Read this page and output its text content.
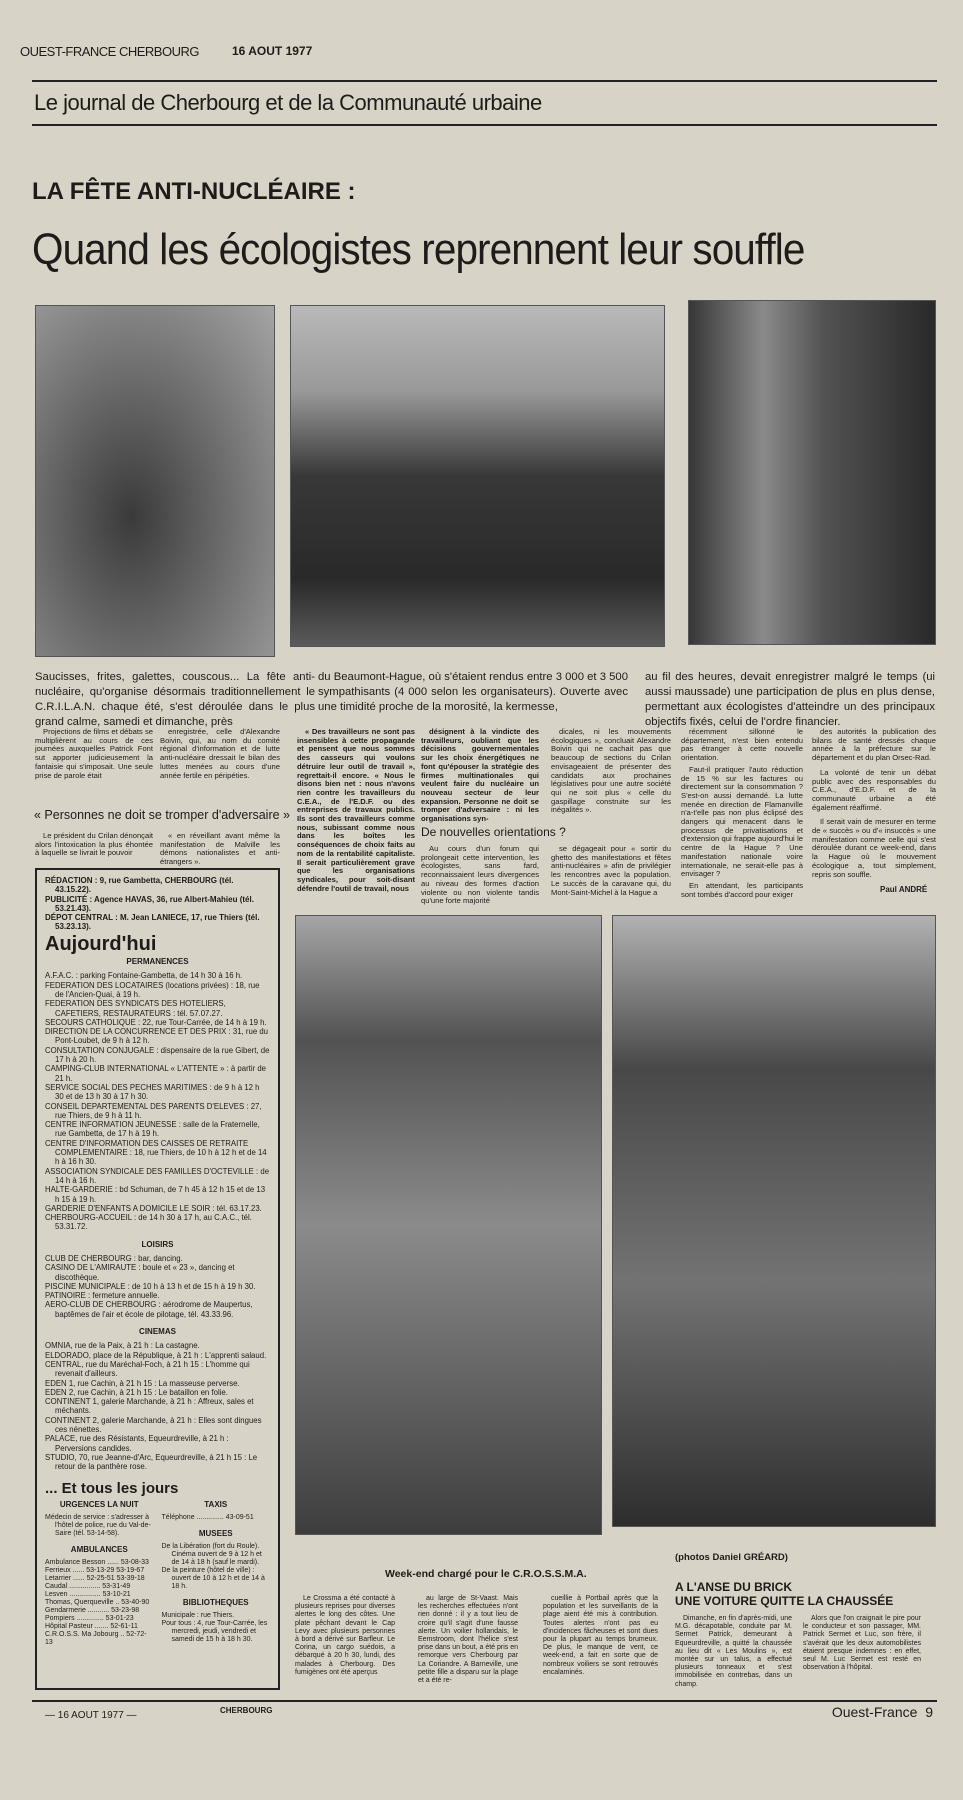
OUEST-FRANCE CHERBOURG	16 AOUT 1977
Le journal de Cherbourg et de la Communauté urbaine
LA FÊTE ANTI-NUCLÉAIRE :
Quand les écologistes reprennent leur souffle
Saucisses, frites, galettes, couscous... La fête anti-nucléaire, qu'organise désormais traditionnellement le C.R.I.L.A.N. chaque été, s'est déroulée dans le plus grand calme, samedi et dimanche, près
du Beaumont-Hague, où s'étaient rendus entre 3 000 et 3 500 sympathisants (4 000 selon les organisateurs). Ouverte avec une timidité proche de la morosité, la kermesse,
au fil des heures, devait enregistrer malgré le temps (ui aussi maussade) une participation de plus en plus dense, permettant aux écologistes d'atteindre un des principaux objectifs fixés, celui de l'ordre financier.

Projections de films et débats se multiplièrent au cours de ces journées auxquelles Patrick Font sut apporter judicieusement la fantaisie qui s'imposait. Une seule prise de parole était

enregistrée, celle d'Alexandre Boivin, qui, au nom du comité régional d'information et de lutte anti-nucléaire dressait le bilan des luttes menées au cours d'une année fertile en péripéties.

« Personnes ne doit se tromper d'adversaire »

Le président du Crilan dénonçait alors l'intoxication la plus éhontée à laquelle se livrait le pouvoir

« en réveillant avant même la manifestation de Malville les démons nationalistes et anti-étrangers ».

« Des travailleurs ne sont pas insensibles à cette propagande et pensent que nous sommes des casseurs qui voulons détruire leur outil de travail », regrettait-il encore. « Nous le disons bien net : nous n'avons rien contre les travailleurs du C.E.A., de l'E.D.F. ou des entreprises de travaux publics. Ils sont des travailleurs comme nous, subissant comme nous dans les boîtes les conséquences de choix faits au nom de la rentabilité capitaliste. Il serait particulièrement grave que les organisations syndicales, pour soit-disant défendre l'outil de travail, nous

désignent à la vindicte des travailleurs, oubliant que les décisions gouvernementales sur les choix énergétiques ne font qu'épouser la stratégie des firmes multinationales qui veulent faire du nucléaire un nouveau secteur de leur expansion. Personne ne doit se tromper d'adversaire : ni les organisations syn-

De nouvelles orientations ?

Au cours d'un forum qui prolongeait cette intervention, les écologistes, sans fard, reconnaissaient leurs divergences au niveau des formes d'action violente ou non violente tandis qu'une forte majorité

dicales, ni les mouvements écologiques », concluait Alexandre Boivin qui ne cachait pas que beaucoup de sections du Crilan envisageaient de présenter des candidats aux prochaines législatives pour une autre société qui ne soit plus « celle du gaspillage construite sur les inégalités ».

se dégageait pour « sortir du ghetto des manifestations et fêtes anti-nucléaires » afin de privilégier les rencontres avec la population. Le succès de la caravane qui, du Mont-Saint-Michel à la Hague a

récemment sillonné le département, n'est bien entendu pas étranger à cette nouvelle orientation.

Faut-il pratiquer l'auto réduction de 15 % sur les factures ou directement sur la consommation ? S'est-on aussi demandé. La lutte menée en direction de Flamanville n'a-t'elle pas non plus éclipsé des dangers qui menacent dans le processus de privatisations et d'extension qui frappe aujourd'hui le centre de la Hague ? Une manifestation nationale voire internationale, ne serait-elle pas à envisager ?

En attendant, les participants sont tombés d'accord pour exiger

des autorités la publication des bilans de santé dressés chaque année à la préfecture sur le département et du plan Orsec-Rad.

La volonté de tenir un débat public avec des responsables du C.E.A., d'E.D.F. et de la communauté urbaine a été également réaffirmé.

Il serait vain de mesurer en terme de « succès » ou d'« insuccès » une manifestation comme celle qui s'est déroulée durant ce week-end, dans la Hague où le mouvement écologique a, tout simplement, repris son souffle.

Paul ANDRÉ

RÉDACTION : 9, rue Gambetta, CHERBOURG (tél. 43.15.22).

PUBLICITÉ : Agence HAVAS, 36, rue Albert-Mahieu (tél. 53.21.43).

DÉPOT CENTRAL : M. Jean LANIECE, 17, rue Thiers (tél. 53.23.13).

Aujourd'hui
PERMANENCES

A.F.A.C. : parking Fontaine-Gambetta, de 14 h 30 à 16 h.

FEDERATION DES LOCATAIRES (locations privées) : 18, rue de l'Ancien-Quai, à 19 h.

FEDERATION DES SYNDICATS DES HOTELIERS, CAFETIERS, RESTAURATEURS : tél. 57.07.27.

SECOURS CATHOLIQUE : 22, rue Tour-Carrée, de 14 h à 19 h.

DIRECTION DE LA CONCURRENCE ET DES PRIX : 31, rue du Pont-Loubet, de 9 h à 12 h.

CONSULTATION CONJUGALE : dispensaire de la rue Gibert, de 17 h à 20 h.

CAMPING-CLUB INTERNATIONAL « L'ATTENTE » : à partir de 21 h.

SERVICE SOCIAL DES PECHES MARITIMES : de 9 h à 12 h 30 et de 13 h 30 à 17 h 30.

CONSEIL DEPARTEMENTAL DES PARENTS D'ELEVES : 27, rue Thiers, de 9 h à 11 h.

CENTRE INFORMATION JEUNESSE : salle de la Fraternelle, rue Gambetta, de 17 h à 19 h.

CENTRE D'INFORMATION DES CAISSES DE RETRAITE COMPLEMENTAIRE : 18, rue Thiers, de 10 h à 12 h et de 14 h à 16 h 30.

ASSOCIATION SYNDICALE DES FAMILLES D'OCTEVILLE : de 14 h à 16 h.

HALTE-GARDERIE : bd Schuman, de 7 h 45 à 12 h 15 et de 13 h 15 à 19 h.

GARDERIE D'ENFANTS A DOMICILE LE SOIR : tél. 63.17.23.

CHERBOURG-ACCUEIL : de 14 h 30 à 17 h, au C.A.C., tél. 53.31.72.

LOISIRS

CLUB DE CHERBOURG : bar, dancing.

CASINO DE L'AMIRAUTE : boule et « 23 », dancing et discothèque.

PISCINE MUNICIPALE : de 10 h à 13 h et de 15 h à 19 h 30.

PATINOIRE : fermeture annuelle.

AERO-CLUB DE CHERBOURG : aérodrome de Maupertus, baptêmes de l'air et école de pilotage, tél. 43.33.96.

CINEMAS

OMNIA, rue de la Paix, à 21 h : La castagne.

ELDORADO, place de la République, à 21 h : L'apprenti salaud.

CENTRAL, rue du Maréchal-Foch, à 21 h 15 : L'homme qui revenait d'ailleurs.

EDEN 1, rue Cachin, à 21 h 15 : La masseuse perverse.

EDEN 2, rue Cachin, à 21 h 15 : Le bataillon en folie.

CONTINENT 1, galerie Marchande, à 21 h : Affreux, sales et méchants.

CONTINENT 2, galerie Marchande, à 21 h : Elles sont dingues ces nénettes.

PALACE, rue des Résistants, Equeurdreville, à 21 h : Perversions candides.

STUDIO, 70, rue Jeanne-d'Arc, Equeurdreville, à 21 h 15 : Le retour de la panthère rose.

... Et tous les jours
URGENCES LA NUIT

Médecin de service : s'adresser à l'hôtel de police, rue du Val-de-Saire (tél. 53-14-58).

AMBULANCES
Ambulance Besson ...... 53-08-33
Ferrieux ...... 53-13-29 53-19-67
Letarrier ...... 52-25-51 53-39-18
Caudal ................ 53-31-49
Lesven ................ 53-10-21
Thomas, Querqueville .. 53-40-90
Gendarmerie ........... 53-23-98
Pompiers .............. 53-01-23
Hôpital Pasteur ....... 52-61-11
C.R.O.S.S. Ma Jobourg .. 52-72-13
TAXIS

Téléphone .............. 43-09-51

MUSEES

De la Libération (fort du Roule). Cinéma ouvert de 9 à 12 h et de 14 à 18 h (sauf le mardi).

De la peinture (hôtel de ville) : ouvert de 10 à 12 h et de 14 à 18 h.

BIBLIOTHEQUES

Municipale : rue Thiers.

Pour tous : 4, rue Tour-Carrée, les mercredi, jeudi, vendredi et samedi de 15 h à 18 h 30.

(photos Daniel GRÉARD)
Week-end chargé pour le C.R.O.S.S.M.A.

Le Crossma a été contacté à plusieurs reprises pour diverses alertes le long des côtes. Une plate pêchant devant le Cap Levy avec plusieurs personnes à bord a dérivé sur Barfleur. Le Corina, un cargo suédois, a débarqué à 20 h 30, lundi, des malades à Cherbourg. Des fumigènes ont été aperçus

au large de St-Vaast. Mais les recherches effectuées n'ont rien donné : il y a tout lieu de croire qu'il s'agit d'une fausse alerte. Un voilier hollandais, le Eemstroom, dont l'hélice s'est prise dans un bout, a été pris en remorque vers Cherbourg par La Coriandre. A Barneville, une petite fille a disparu sur la plage et a été re-

cueillie à Portbail après que la population et les surveillants de la plage aient été mis à contribution. Toutes alertes n'ont pas eu d'incidences fâcheuses et sont dues pour la plupart au temps brumeux. De plus, le manque de vent, ce week-end, a fait en sorte que de nombreux voiliers se sont retrouvés encalaminés.

A L'ANSE DU BRICK
UNE VOITURE QUITTE LA CHAUSSÉE

Dimanche, en fin d'après-midi, une M.G. décapotable, conduite par M. Sermet Patrick, demeurant à Equeurdreville, a quitté la chaussée au lieu dit « Les Moulins », est montée sur un talus, a effectué plusieurs tonneaux et s'est immobilisée en contrebas, dans un champ.

Alors que l'on craignait le pire pour le conducteur et son passager, MM. Patrick Sermet et Luc, son frère, il s'avérait que les deux automobilistes étaient presque indemnes : en effet, seul M. Luc Sermet est resté en observation à l'hôpital.

— 16 AOUT 1977 —	CHERBOURG	Ouest-France 9
